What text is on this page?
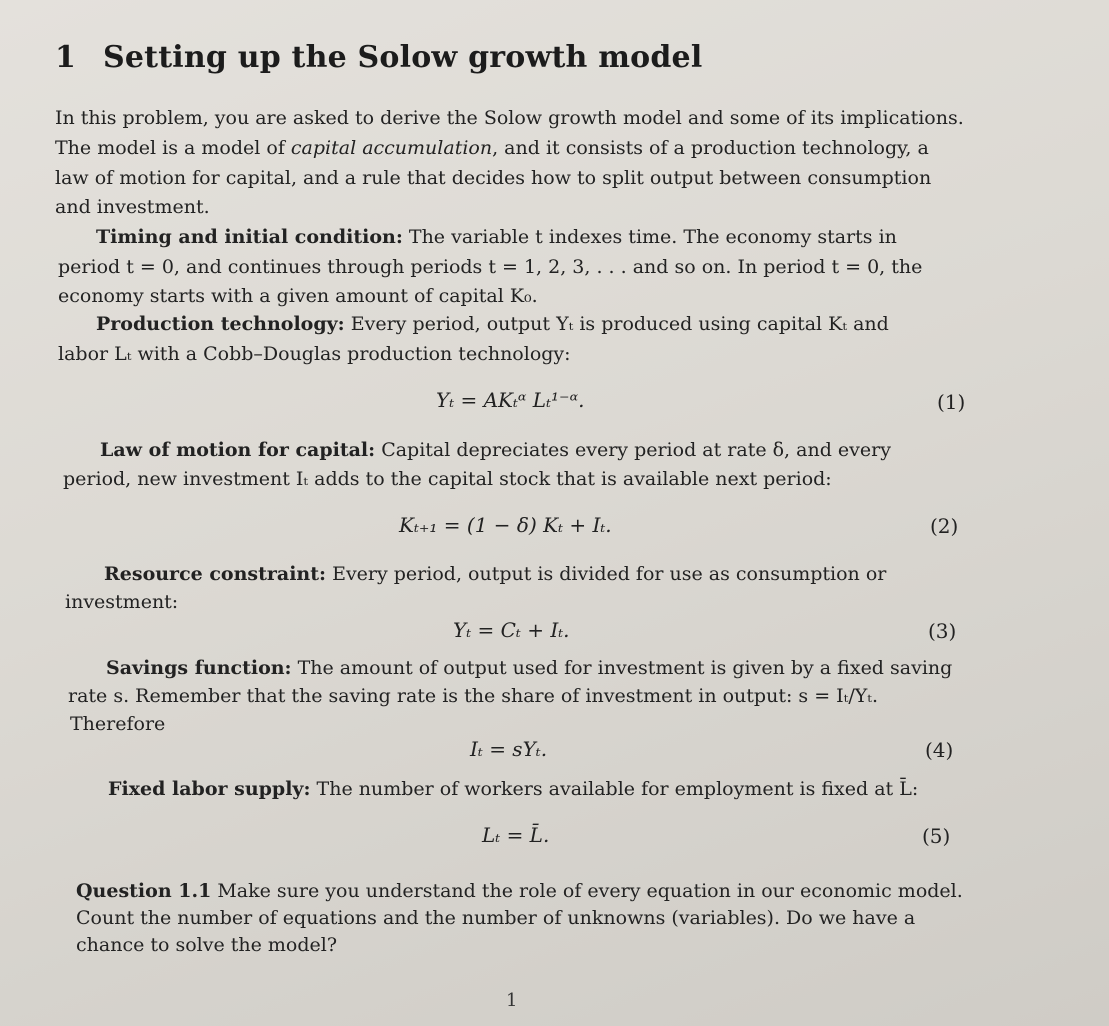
1 Setting up the Solow growth model
In this problem, you are asked to derive the Solow growth model and some of its implications.
The model is a model of capital accumulation, and it consists of a production technology, a
law of motion for capital, and a rule that decides how to split output between consumption
and investment.
Timing and initial condition: The variable t indexes time. The economy starts in
period t = 0, and continues through periods t = 1, 2, 3, . . . and so on. In period t = 0, the
economy starts with a given amount of capital K₀.
Production technology: Every period, output Yₜ is produced using capital Kₜ and
labor Lₜ with a Cobb–Douglas production technology:
Yₜ = AKₜᵅ Lₜ¹⁻ᵅ.	(1)
Law of motion for capital: Capital depreciates every period at rate δ, and every
period, new investment Iₜ adds to the capital stock that is available next period:
Kₜ₊₁ = (1 − δ) Kₜ + Iₜ.	(2)
Resource constraint: Every period, output is divided for use as consumption or
investment:
Yₜ = Cₜ + Iₜ.	(3)
Savings function: The amount of output used for investment is given by a fixed saving
rate s. Remember that the saving rate is the share of investment in output: s = Iₜ/Yₜ.
Therefore
Iₜ = sYₜ.	(4)
Fixed labor supply: The number of workers available for employment is fixed at L̄:
Lₜ = L̄.	(5)
Question 1.1 Make sure you understand the role of every equation in our economic model.
Count the number of equations and the number of unknowns (variables). Do we have a
chance to solve the model?
1
